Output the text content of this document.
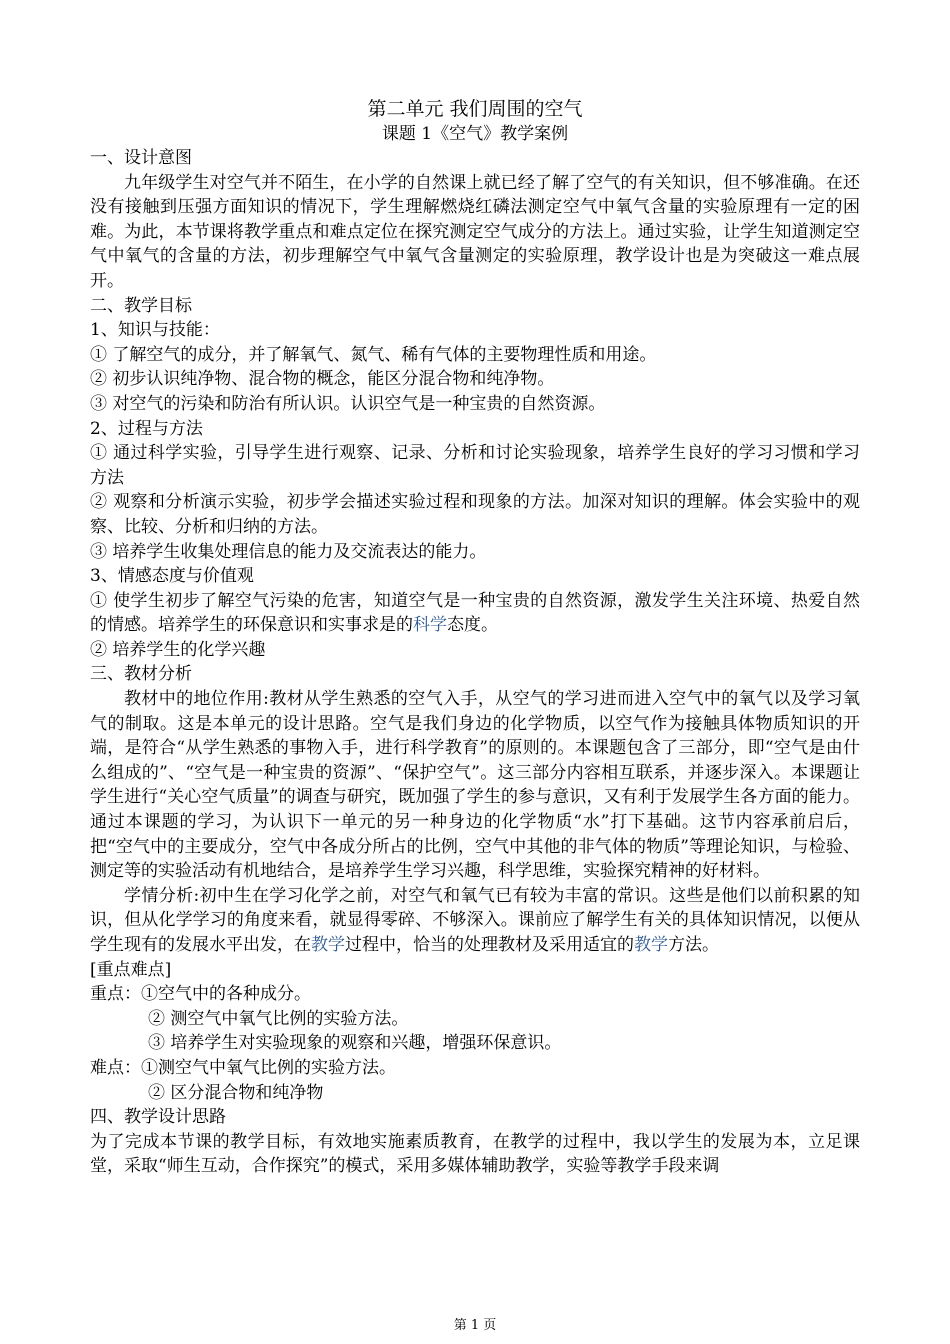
第二单元 我们周围的空气
课题 1《空气》教学案例

一、设计意图

九年级学生对空气并不陌生，在小学的自然课上就已经了解了空气的有关知识，但不够准确。在还没有接触到压强方面知识的情况下，学生理解燃烧红磷法测定空气中氧气含量的实验原理有一定的困难。为此，本节课将教学重点和难点定位在探究测定空气成分的方法上。通过实验，让学生知道测定空气中氧气的含量的方法，初步理解空气中氧气含量测定的实验原理，教学设计也是为突破这一难点展开。

二、教学目标

1、知识与技能：

① 了解空气的成分，并了解氧气、氮气、稀有气体的主要物理性质和用途。

② 初步认识纯净物、混合物的概念，能区分混合物和纯净物。

③ 对空气的污染和防治有所认识。认识空气是一种宝贵的自然资源。

2、过程与方法

① 通过科学实验，引导学生进行观察、记录、分析和讨论实验现象，培养学生良好的学习习惯和学习方法

② 观察和分析演示实验，初步学会描述实验过程和现象的方法。加深对知识的理解。体会实验中的观察、比较、分析和归纳的方法。

③ 培养学生收集处理信息的能力及交流表达的能力。

3、情感态度与价值观

① 使学生初步了解空气污染的危害，知道空气是一种宝贵的自然资源，激发学生关注环境、热爱自然的情感。培养学生的环保意识和实事求是的科学态度。

② 培养学生的化学兴趣

三、教材分析

教材中的地位作用:教材从学生熟悉的空气入手，从空气的学习进而进入空气中的氧气以及学习氧气的制取。这是本单元的设计思路。空气是我们身边的化学物质，以空气作为接触具体物质知识的开端，是符合“从学生熟悉的事物入手，进行科学教育”的原则的。本课题包含了三部分，即“空气是由什么组成的”、“空气是一种宝贵的资源”、“保护空气”。这三部分内容相互联系，并逐步深入。本课题让学生进行“关心空气质量”的调查与研究，既加强了学生的参与意识，又有利于发展学生各方面的能力。通过本课题的学习，为认识下一单元的另一种身边的化学物质“水”打下基础。这节内容承前启后，把“空气中的主要成分，空气中各成分所占的比例，空气中其他的非气体的物质”等理论知识，与检验、测定等的实验活动有机地结合，是培养学生学习兴趣，科学思维，实验探究精神的好材料。

学情分析:初中生在学习化学之前，对空气和氧气已有较为丰富的常识。这些是他们以前积累的知识，但从化学学习的角度来看，就显得零碎、不够深入。课前应了解学生有关的具体知识情况，以便从学生现有的发展水平出发，在教学过程中，恰当的处理教材及采用适宜的教学方法。

[重点难点]

重点：①空气中的各种成分。

② 测空气中氧气比例的实验方法。

③ 培养学生对实验现象的观察和兴趣，增强环保意识。

难点：①测空气中氧气比例的实验方法。

② 区分混合物和纯净物

四、教学设计思路

为了完成本节课的教学目标，有效地实施素质教育，在教学的过程中，我以学生的发展为本，立足课堂，采取“师生互动，合作探究”的模式，采用多媒体辅助教学，实验等教学手段来调

第 1 页
